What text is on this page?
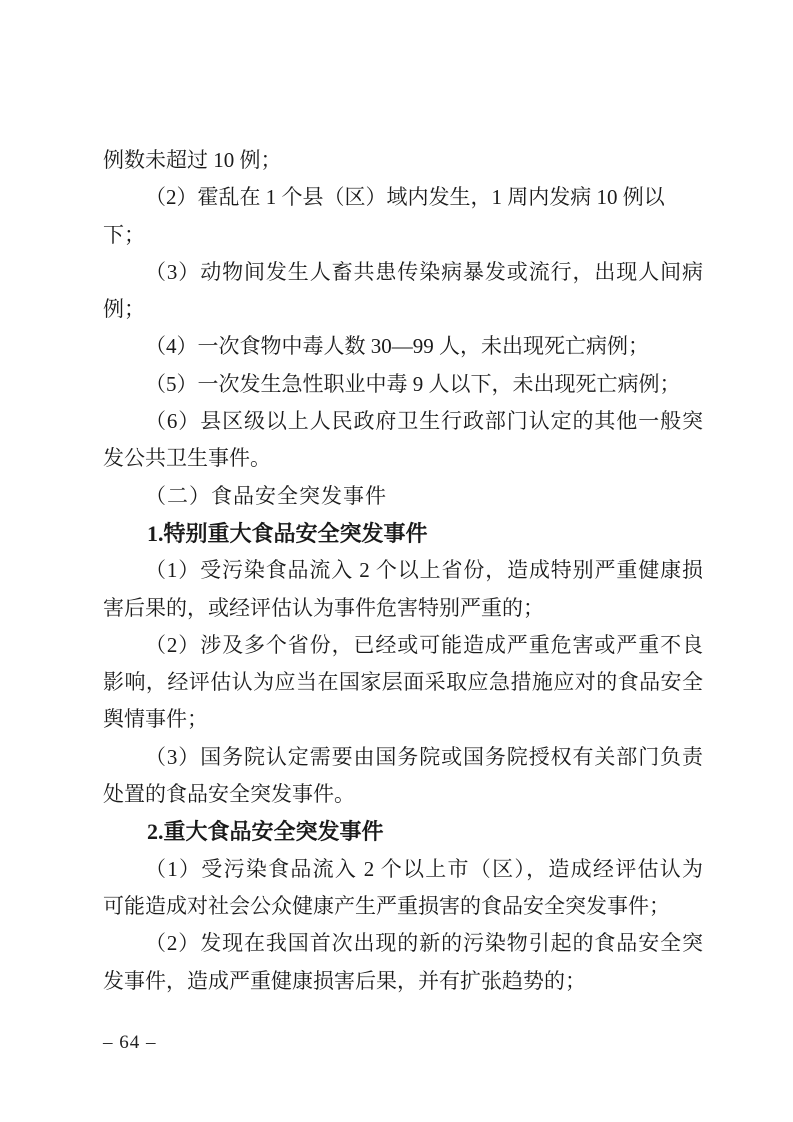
例数未超过 10 例；

（2）霍乱在 1 个县（区）域内发生，1 周内发病 10 例以下；

（3）动物间发生人畜共患传染病暴发或流行，出现人间病
例；

（4）一次食物中毒人数 30—99 人，未出现死亡病例；

（5）一次发生急性职业中毒 9 人以下，未出现死亡病例；

（6）县区级以上人民政府卫生行政部门认定的其他一般突
发公共卫生事件。

（二）食品安全突发事件

1.特别重大食品安全突发事件

（1）受污染食品流入 2 个以上省份，造成特别严重健康损
害后果的，或经评估认为事件危害特别严重的；

（2）涉及多个省份，已经或可能造成严重危害或严重不良
影响，经评估认为应当在国家层面采取应急措施应对的食品安全
舆情事件；

（3）国务院认定需要由国务院或国务院授权有关部门负责
处置的食品安全突发事件。

2.重大食品安全突发事件

（1）受污染食品流入 2 个以上市（区），造成经评估认为
可能造成对社会公众健康产生严重损害的食品安全突发事件；

（2）发现在我国首次出现的新的污染物引起的食品安全突
发事件，造成严重健康损害后果，并有扩张趋势的；

– 64 –
